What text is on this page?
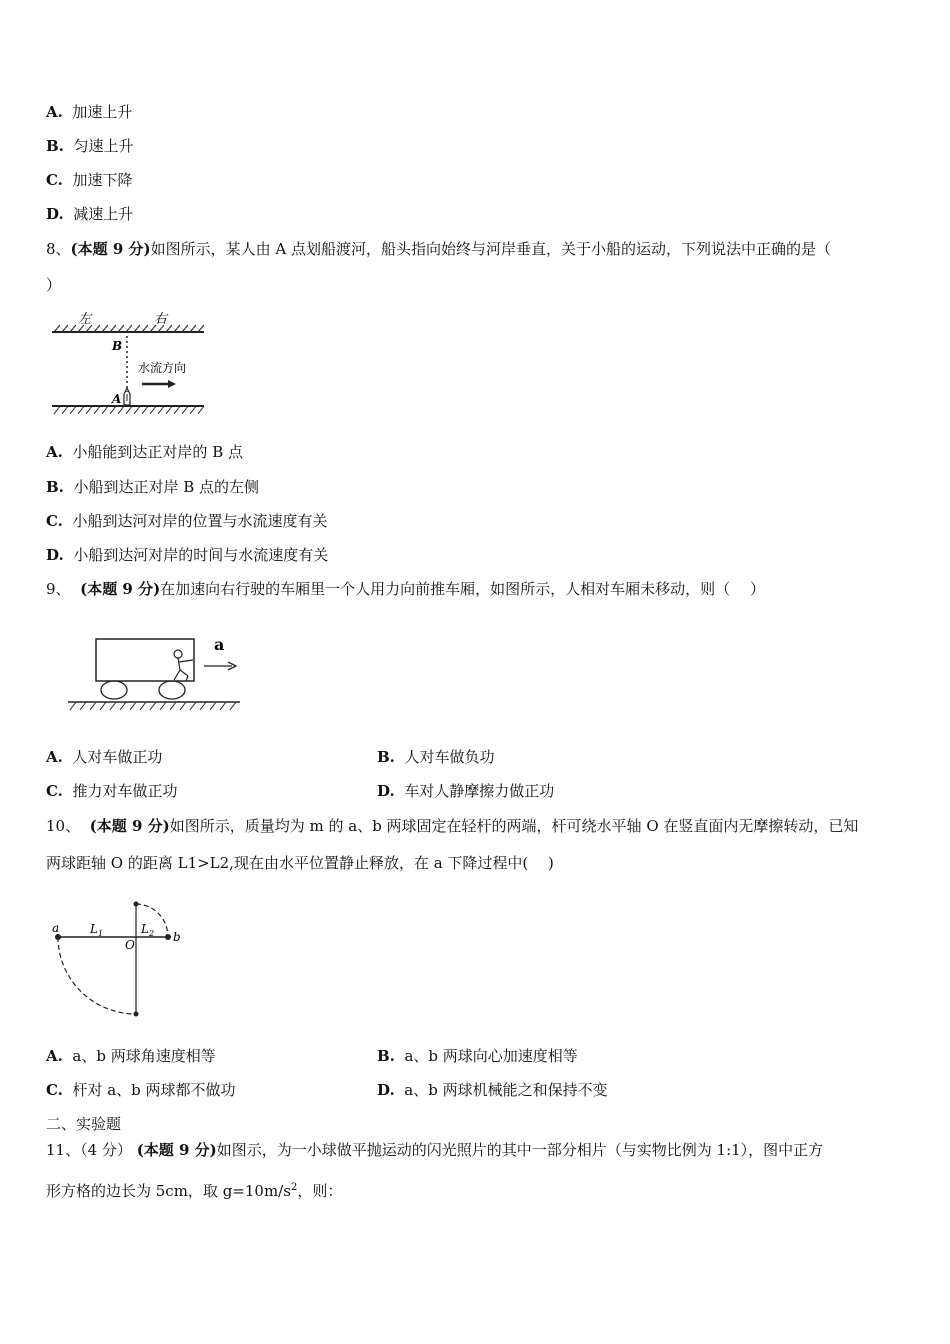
A. 加速上升
B. 匀速上升
C. 加速下降
D. 减速上升
8、(本题 9 分)如图所示，某人由 A 点划船渡河，船头指向始终与河岸垂直，关于小船的运动，下列说法中正确的是（
）
左	右
B
A
水流方向
A. 小船能到达正对岸的 B 点
B. 小船到达正对岸 B 点的左侧
C. 小船到达河对岸的位置与水流速度有关
D. 小船到达河对岸的时间与水流速度有关
9、 (本题 9 分)在加速向右行驶的车厢里一个人用力向前推车厢，如图所示，人相对车厢未移动，则（　 ）
a
A. 人对车做正功	B. 人对车做负功
C. 推力对车做正功	D. 车对人静摩擦力做正功
10、 (本题 9 分)如图所示，质量均为 m 的 a、b 两球固定在轻杆的两端，杆可绕水平轴 O 在竖直面内无摩擦转动，已知
两球距轴 O 的距离 L1>L2,现在由水平位置静止释放，在 a 下降过程中(　 )
a
b
O
$L_1$	$L_2$
A. a、b 两球角速度相等	B. a、b 两球向心加速度相等
C. 杆对 a、b 两球都不做功	D. a、b 两球机械能之和保持不变
二、实验题
11、（4 分） (本题 9 分)如图示，为一小球做平抛运动的闪光照片的其中一部分相片（与实物比例为 1:1），图中正方
形方格的边长为 5cm，取 $g=10m/s^2$，则：
